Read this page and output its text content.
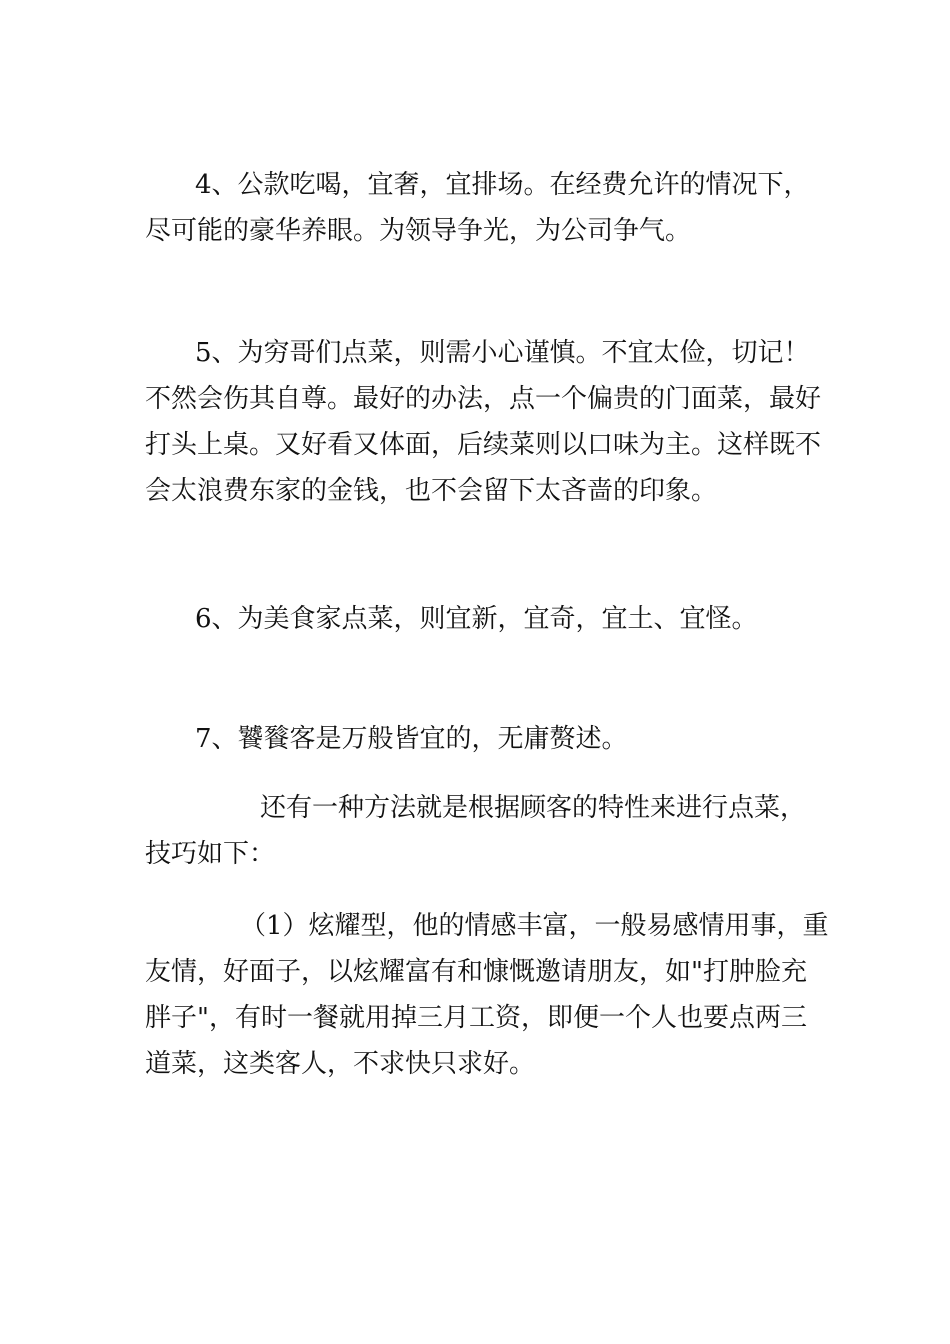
4、公款吃喝，宜奢，宜排场。在经费允许的情况下，
尽可能的豪华养眼。为领导争光，为公司争气。

5、为穷哥们点菜，则需小心谨慎。不宜太俭，切记！
不然会伤其自尊。最好的办法，点一个偏贵的门面菜，最好
打头上桌。又好看又体面，后续菜则以口味为主。这样既不
会太浪费东家的金钱，也不会留下太吝啬的印象。

6、为美食家点菜，则宜新，宜奇，宜土、宜怪。

7、饕餮客是万般皆宜的，无庸赘述。

还有一种方法就是根据顾客的特性来进行点菜，
技巧如下：

（1）炫耀型，他的情感丰富，一般易感情用事，重
友情，好面子，以炫耀富有和慷慨邀请朋友，如"打肿脸充
胖子"，有时一餐就用掉三月工资，即便一个人也要点两三
道菜，这类客人，不求快只求好。
